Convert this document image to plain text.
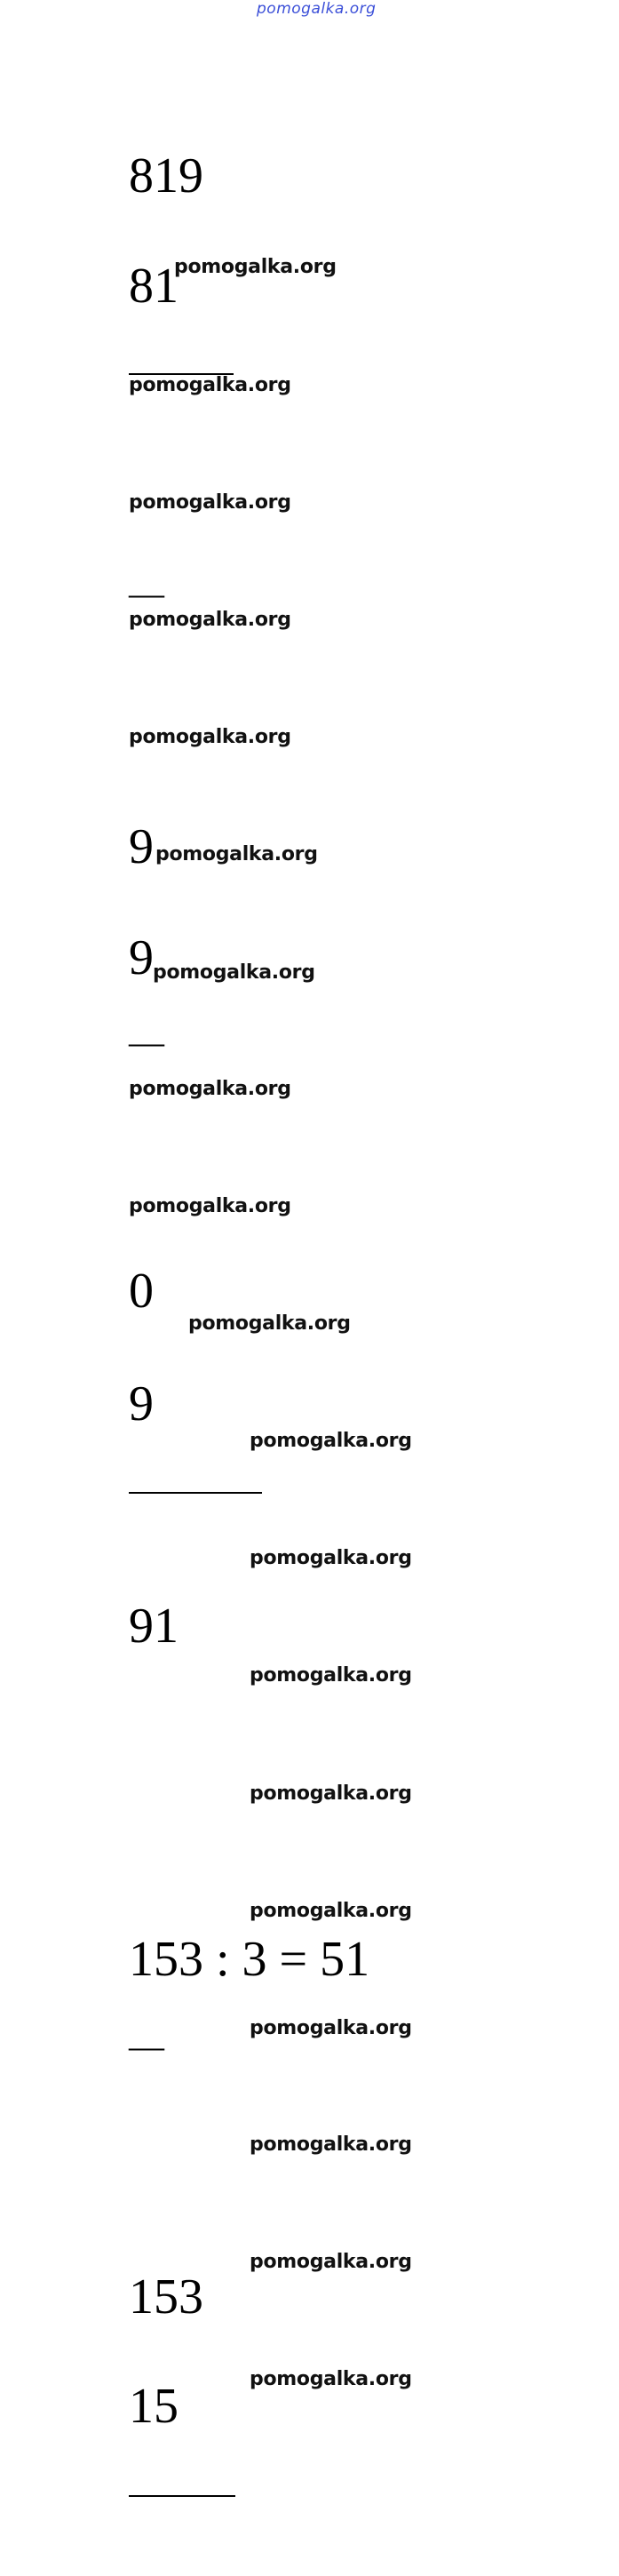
pomogalka.org
819
81
—
9
9
—
0
9
91
153 : 3 = 51
—
153
15
pomogalka.org
pomogalka.org
pomogalka.org
pomogalka.org
pomogalka.org
pomogalka.org
pomogalka.org
pomogalka.org
pomogalka.org
pomogalka.org
pomogalka.org
pomogalka.org
pomogalka.org
pomogalka.org
pomogalka.org
pomogalka.org
pomogalka.org
pomogalka.org
pomogalka.org
